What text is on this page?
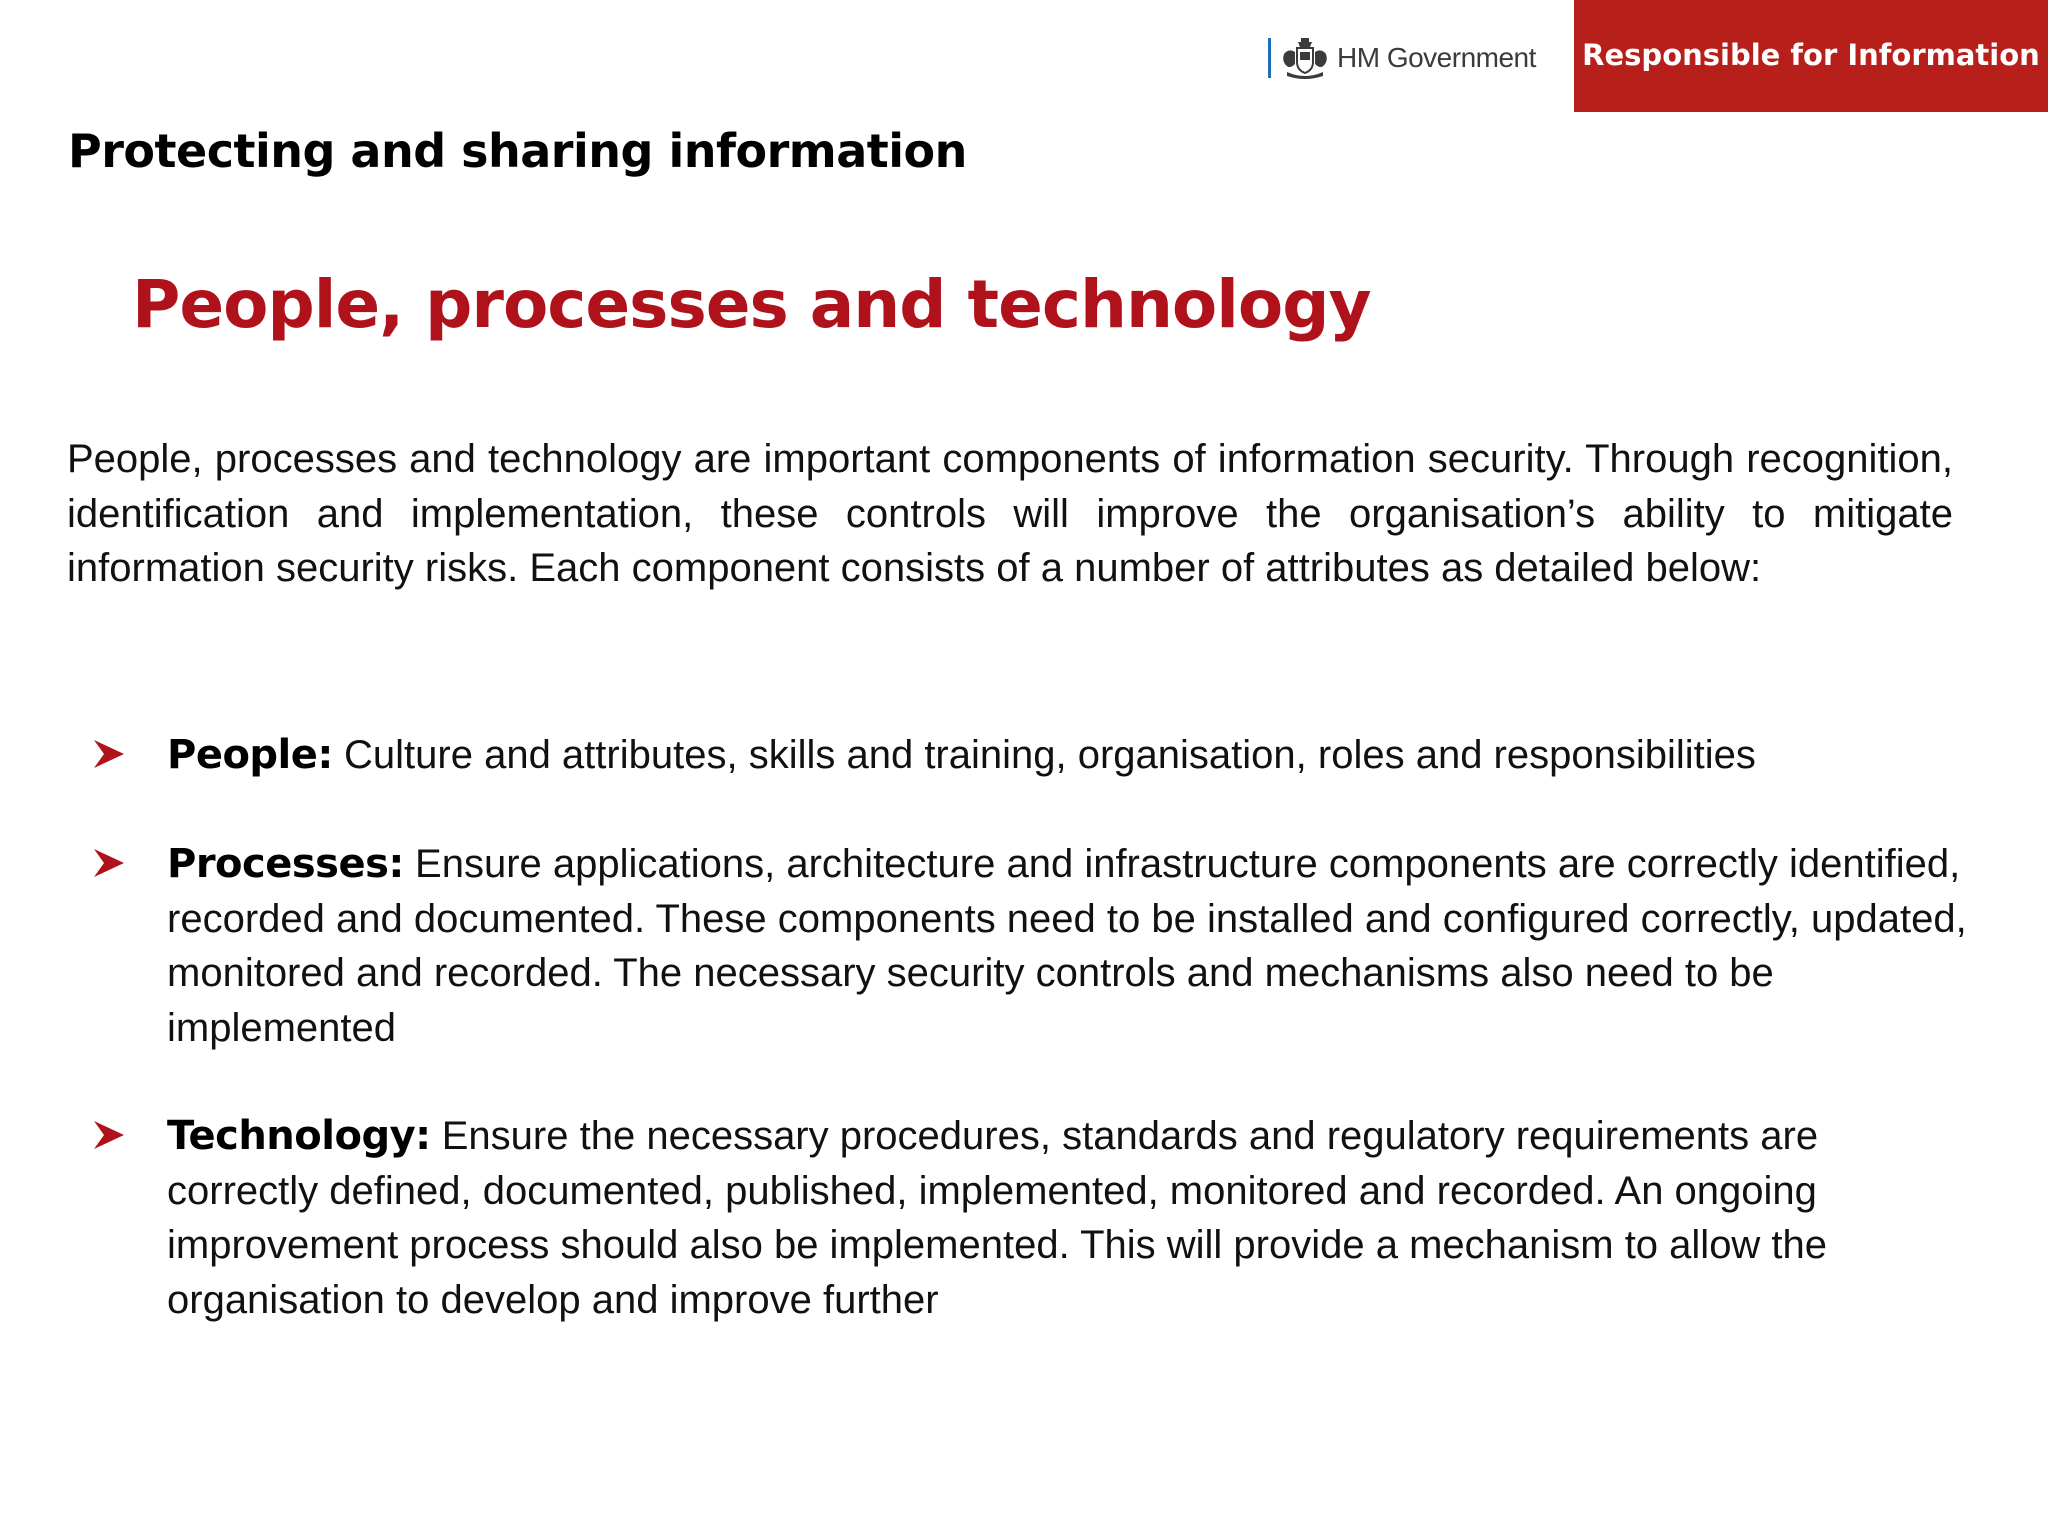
HM Government Responsible for Information
Protecting and sharing information
People, processes and technology
People, processes and technology are important components of information security. Through recognition, identification and implementation, these controls will improve the organisation’s ability to mitigate information security risks. Each component consists of a number of attributes as detailed below:
People: Culture and attributes, skills and training, organisation, roles and responsibilities
Processes: Ensure applications, architecture and infrastructure components are correctly identified, recorded and documented. These components need to be installed and configured correctly, updated, monitored and recorded. The necessary security controls and mechanisms also need to be implemented
Technology: Ensure the necessary procedures, standards and regulatory requirements are correctly defined, documented, published, implemented, monitored and recorded. An ongoing improvement process should also be implemented. This will provide a mechanism to allow the organisation to develop and improve further
